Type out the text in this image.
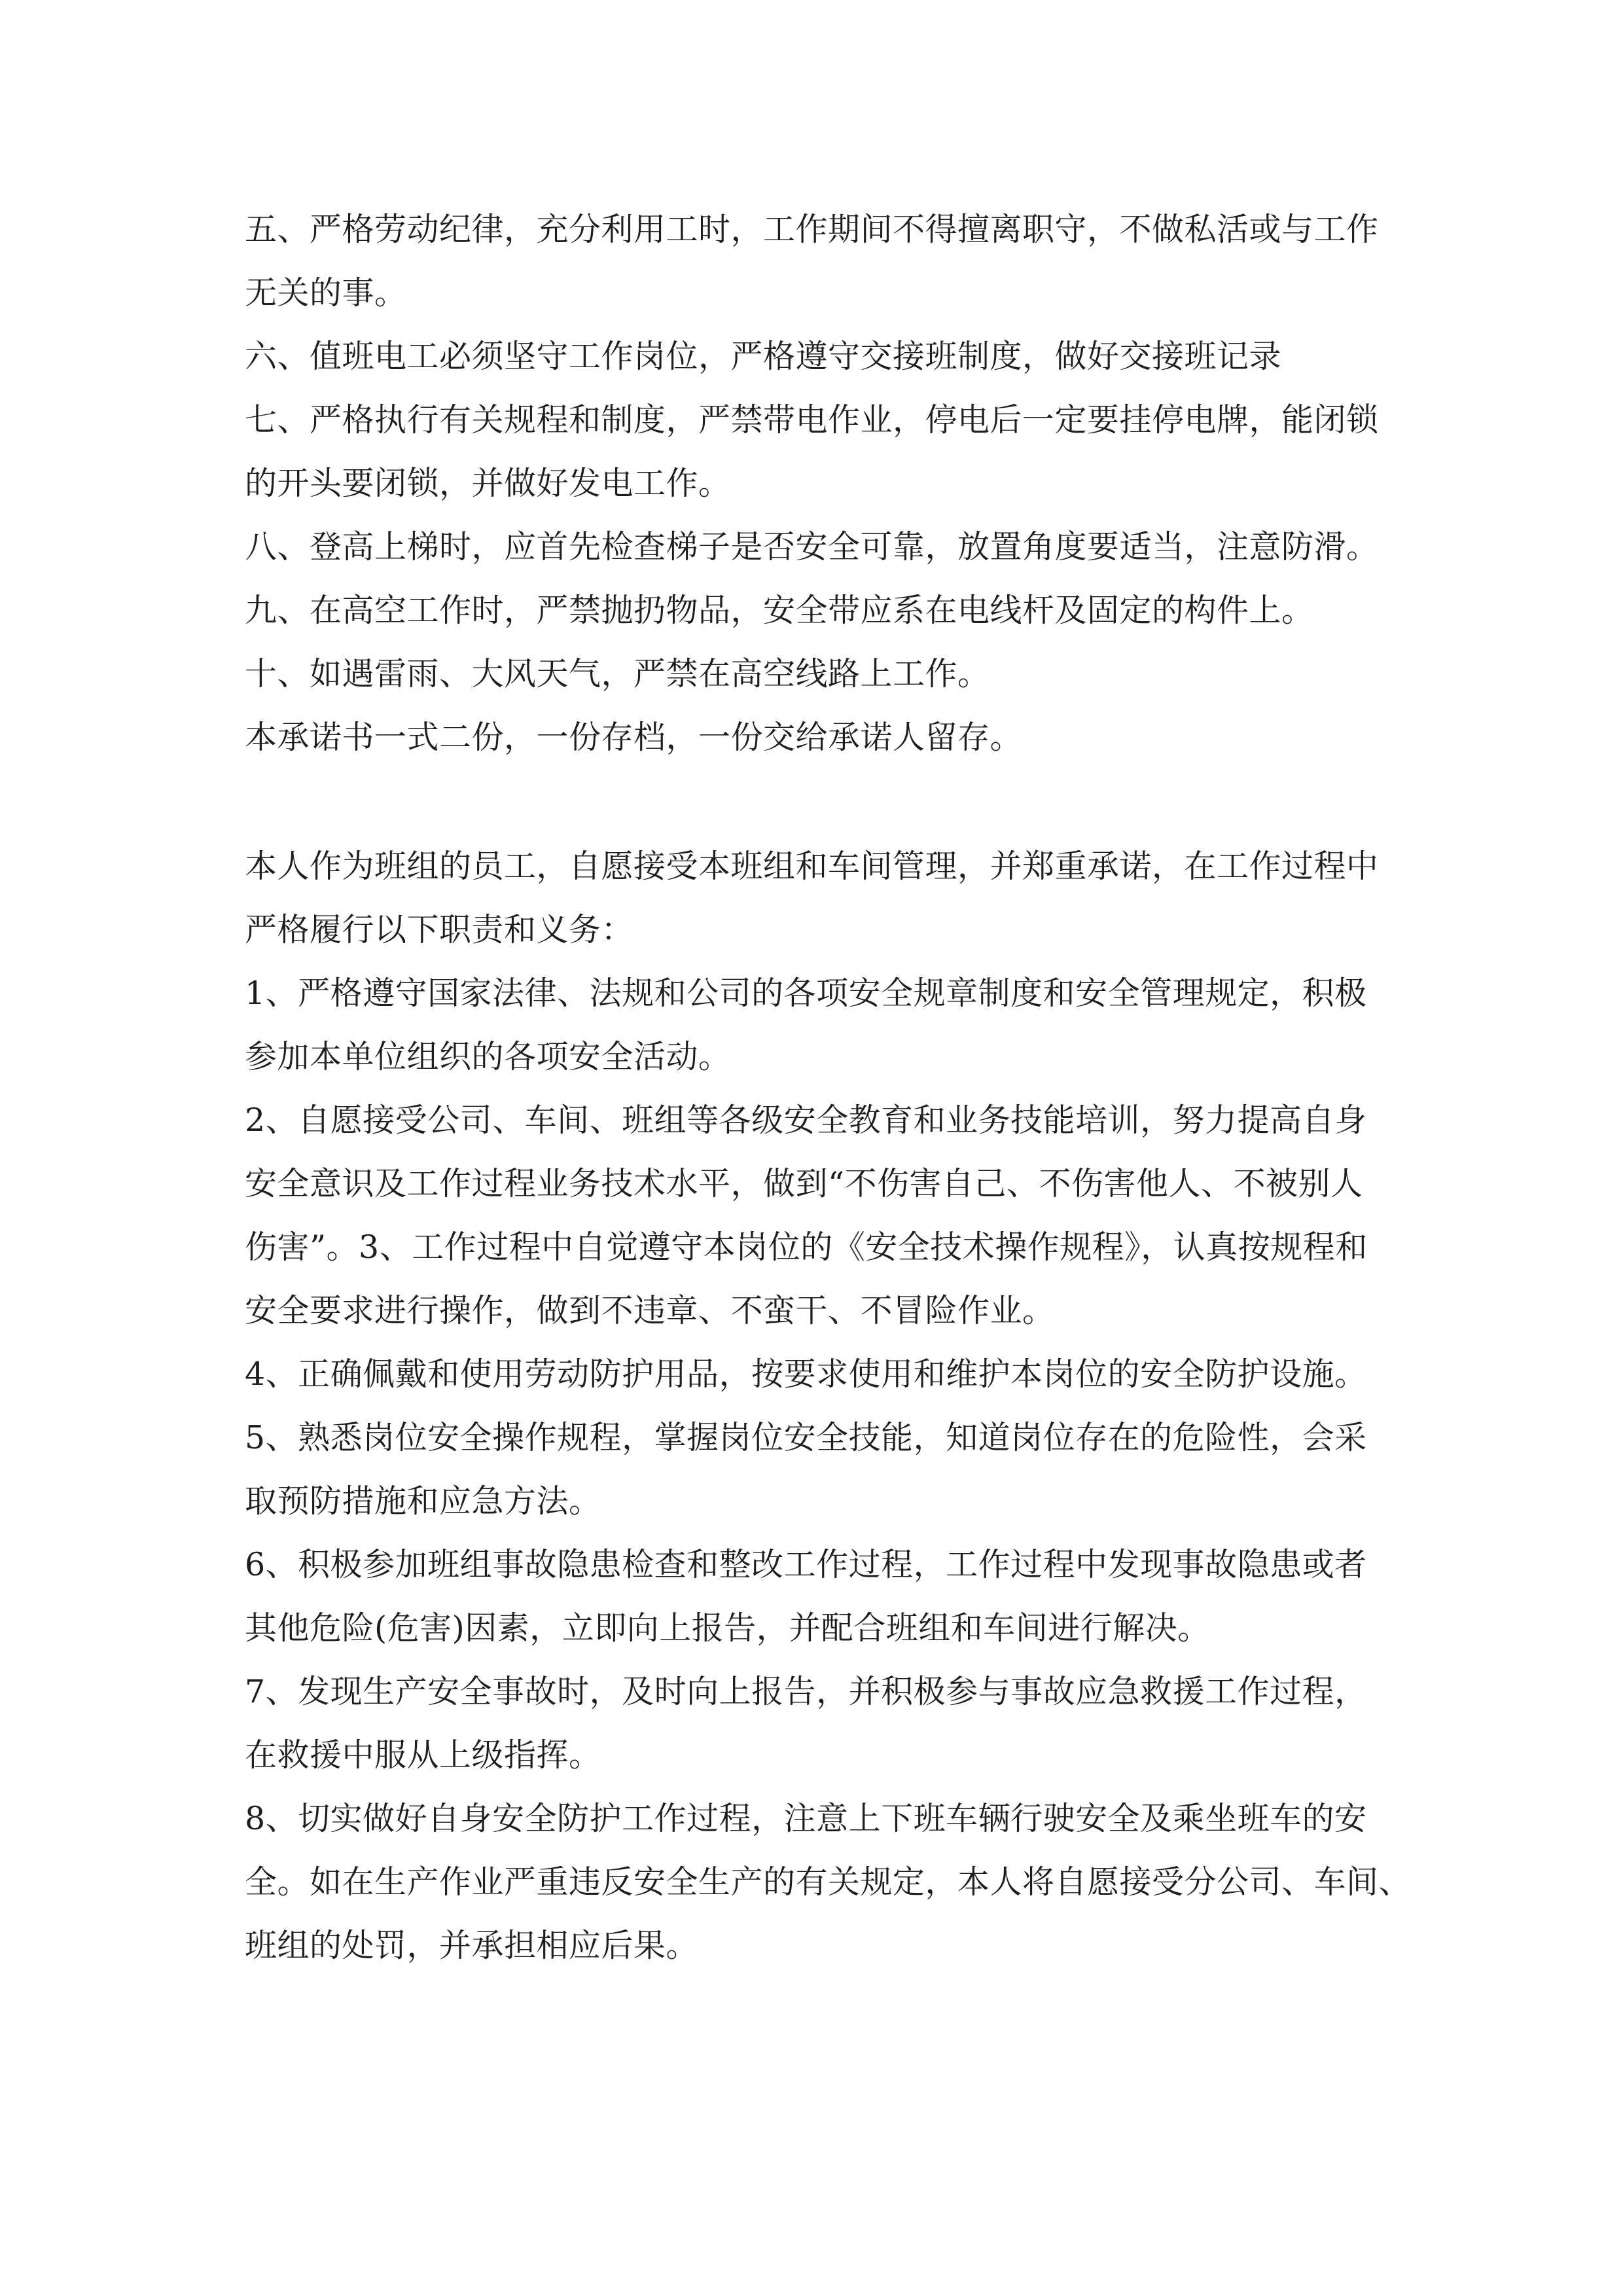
五、严格劳动纪律，充分利用工时，工作期间不得擅离职守，不做私活或与工作
无关的事。
六、值班电工必须坚守工作岗位，严格遵守交接班制度，做好交接班记录
七、严格执行有关规程和制度，严禁带电作业，停电后一定要挂停电牌，能闭锁
的开头要闭锁，并做好发电工作。
八、登高上梯时，应首先检查梯子是否安全可靠，放置角度要适当，注意防滑。
九、在高空工作时，严禁抛扔物品，安全带应系在电线杆及固定的构件上。
十、如遇雷雨、大风天气，严禁在高空线路上工作。
本承诺书一式二份，一份存档，一份交给承诺人留存。
本人作为班组的员工，自愿接受本班组和车间管理，并郑重承诺，在工作过程中
严格履行以下职责和义务：
1、严格遵守国家法律、法规和公司的各项安全规章制度和安全管理规定，积极
参加本单位组织的各项安全活动。
2、自愿接受公司、车间、班组等各级安全教育和业务技能培训，努力提高自身
安全意识及工作过程业务技术水平，做到“不伤害自己、不伤害他人、不被别人
伤害”。3、工作过程中自觉遵守本岗位的《安全技术操作规程》，认真按规程和
安全要求进行操作，做到不违章、不蛮干、不冒险作业。
4、正确佩戴和使用劳动防护用品，按要求使用和维护本岗位的安全防护设施。
5、熟悉岗位安全操作规程，掌握岗位安全技能，知道岗位存在的危险性，会采
取预防措施和应急方法。
6、积极参加班组事故隐患检查和整改工作过程，工作过程中发现事故隐患或者
其他危险(危害)因素，立即向上报告，并配合班组和车间进行解决。
7、发现生产安全事故时，及时向上报告，并积极参与事故应急救援工作过程，
在救援中服从上级指挥。
8、切实做好自身安全防护工作过程，注意上下班车辆行驶安全及乘坐班车的安
全。如在生产作业严重违反安全生产的有关规定，本人将自愿接受分公司、车间、
班组的处罚，并承担相应后果。
